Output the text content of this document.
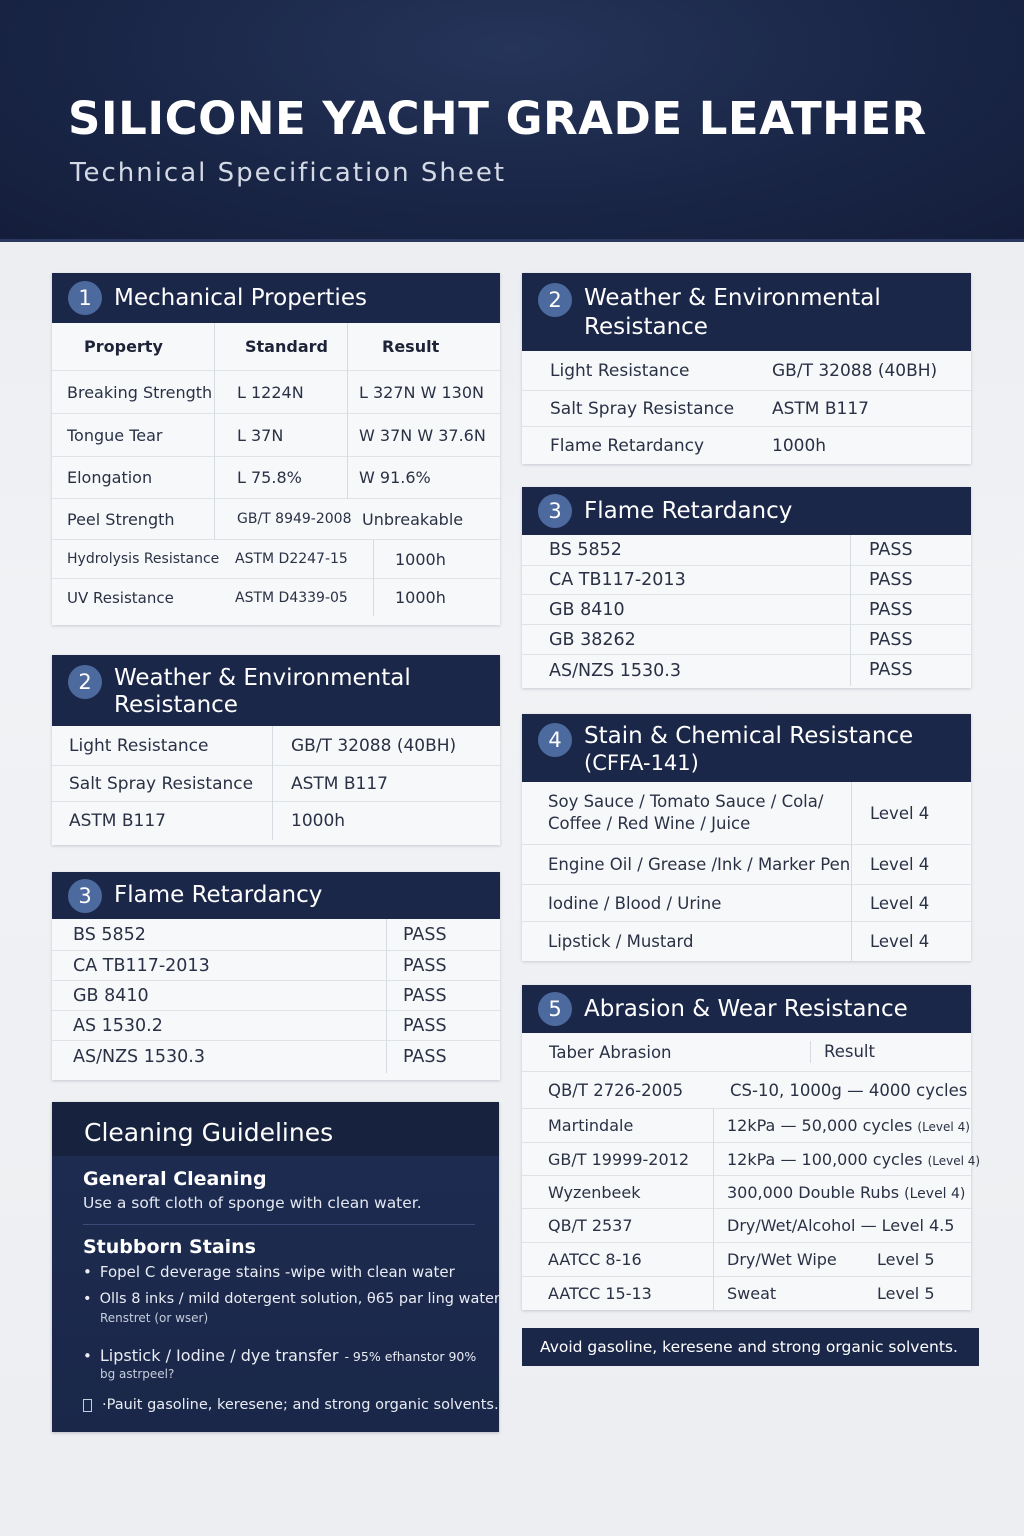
SILICONE YACHT GRADE LEATHER
Technical Specification Sheet
1 Mechanical Properties
Property	Standard	Result
Breaking Strength	L 1224N	L 327N W 130N
Tongue Tear	L 37N	W 37N W 37.6N
Elongation	L 75.8%	W 91.6%
Peel Strength	GB/T 8949-2008 Unbreakable
Hydrolysis Resistance	ASTM D2247-15	1000h
UV Resistance	ASTM D4339-05	1000h
2 Weather & Environmental
Resistance
Light Resistance	GB/T 32088 (40BH)
Salt Spray Resistance	ASTM B117
ASTM B117	1000h
3 Flame Retardancy
BS 5852	PASS
CA TB117-2013	PASS
GB 8410	PASS
AS 1530.2	PASS
AS/NZS 1530.3	PASS
Cleaning Guidelines
General Cleaning
Use a soft cloth of sponge with clean water.
Stubborn Stains
• Fopel C deverage stains -wipe with clean water
• Olls 8 inks / mild dotergent solution, θ65 par ling water
Renstret (or wser)
• Lipstick / Iodine / dye transfer - 95% efhanstor 90%
bg astrpeel?
·Pauit gasoline, keresene; and strong organic solvents.
2 Weather & Environmental
Resistance
Light Resistance	GB/T 32088 (40BH)
Salt Spray Resistance	ASTM B117
Flame Retardancy	1000h
3 Flame Retardancy
BS 5852	PASS
CA TB117-2013	PASS
GB 8410	PASS
GB 38262	PASS
AS/NZS 1530.3	PASS
4 Stain & Chemical Resistance
(CFFA-141)
Soy Sauce / Tomato Sauce / Cola/
Coffee / Red Wine / Juice
Level 4
Engine Oil / Grease /Ink / Marker Pen	Level 4
Iodine / Blood / Urine	Level 4
Lipstick / Mustard	Level 4
5 Abrasion & Wear Resistance
Taber Abrasion	Result
QB/T 2726-2005	CS-10, 1000g — 4000 cycles
Martindale	12kPa — 50,000 cycles (Level 4)
GB/T 19999-2012	12kPa — 100,000 cycles (Level 4)
Wyzenbeek	300,000 Double Rubs (Level 4)
QB/T 2537	Dry/Wet/Alcohol — Level 4.5
AATCC 8-16	Dry/Wet Wipe	Level 5
AATCC 15-13	Sweat	Level 5
Avoid gasoline, keresene and strong organic solvents.
